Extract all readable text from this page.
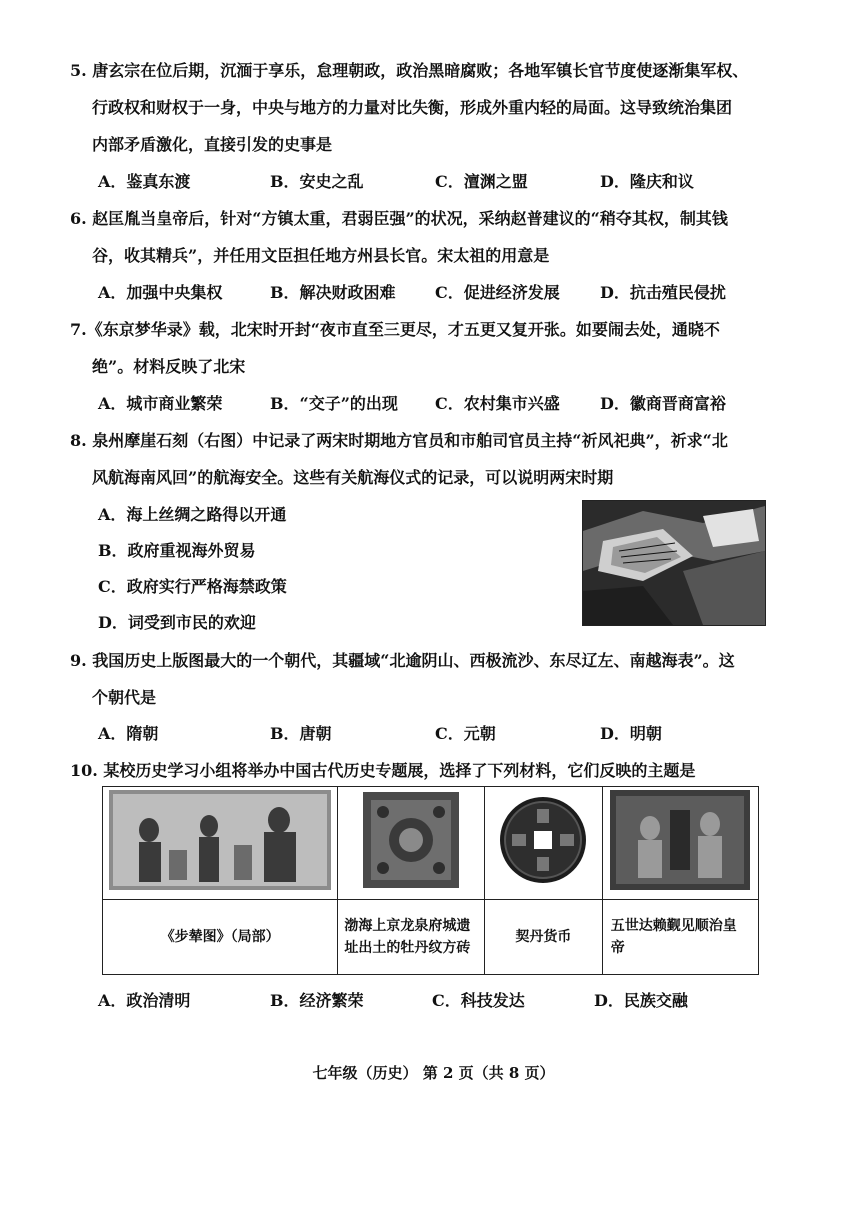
5. 唐玄宗在位后期，沉湎于享乐，怠理朝政，政治黑暗腐败；各地军镇长官节度使逐渐集军权、
行政权和财权于一身，中央与地方的力量对比失衡，形成外重内轻的局面。这导致统治集团
内部矛盾激化，直接引发的史事是
A．鉴真东渡	B．安史之乱	C．澶渊之盟	D．隆庆和议
6. 赵匡胤当皇帝后，针对“方镇太重，君弱臣强”的状况，采纳赵普建议的“稍夺其权，制其钱
谷，收其精兵”，并任用文臣担任地方州县长官。宋太祖的用意是
A．加强中央集权	B．解决财政困难 C．促进经济发展	D．抗击殖民侵扰
7.《东京梦华录》载，北宋时开封“夜市直至三更尽，才五更又复开张。如要闹去处，通晓不
绝”。材料反映了北宋
A．城市商业繁荣	B．“交子”的出现 C．农村集市兴盛	D．徽商晋商富裕
8. 泉州摩崖石刻（右图）中记录了两宋时期地方官员和市舶司官员主持“祈风祀典”，祈求“北
风航海南风回”的航海安全。这些有关航海仪式的记录，可以说明两宋时期
A．海上丝绸之路得以开通
B．政府重视海外贸易
C．政府实行严格海禁政策
D．词受到市民的欢迎
9. 我国历史上版图最大的一个朝代，其疆域“北逾阴山、西极流沙、东尽辽左、南越海表”。这
个朝代是
A．隋朝	B．唐朝	C．元朝	D．明朝
10. 某校历史学习小组将举办中国古代历史专题展，选择了下列材料，它们反映的主题是

《步辇图》（局部）	渤海上京龙泉府城遗址出土的牡丹纹方砖	契丹货币	五世达赖觐见顺治皇帝
A．政治清明	B．经济繁荣	C．科技发达	D．民族交融
七年级（历史） 第 2 页（共 8 页）
